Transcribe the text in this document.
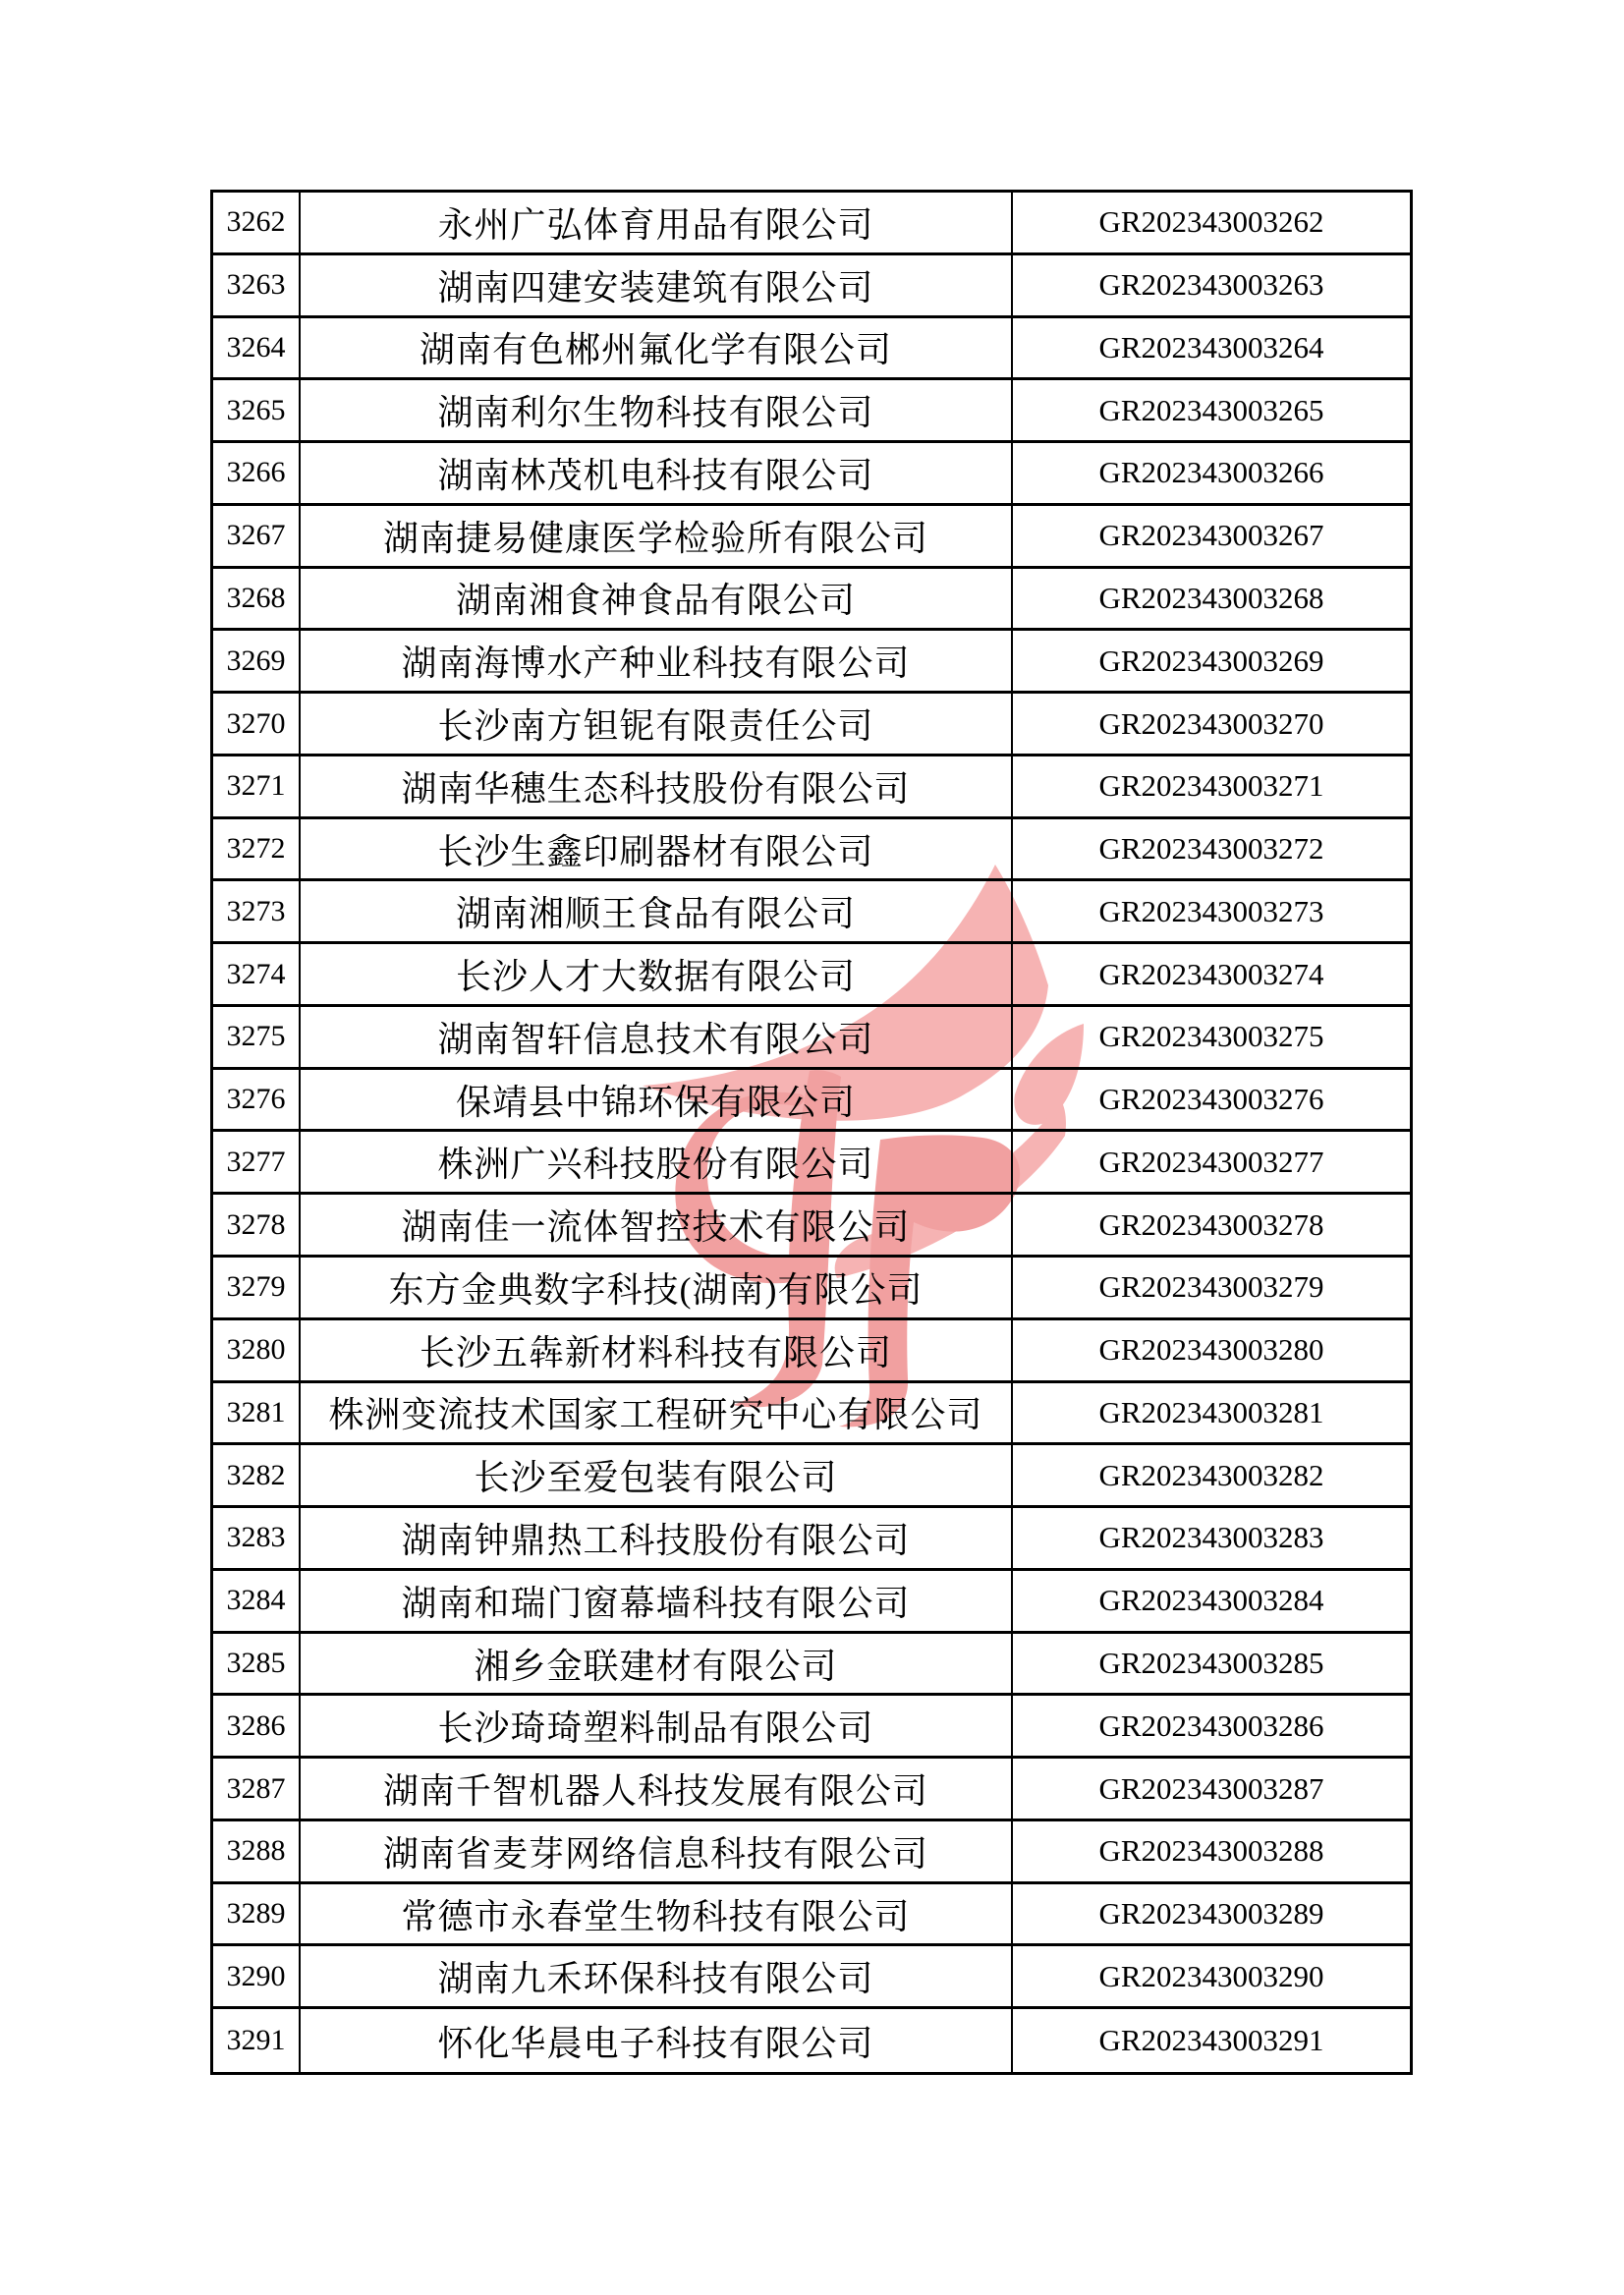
3262	永州广弘体育用品有限公司	GR202343003262
3263	湖南四建安装建筑有限公司	GR202343003263
3264	湖南有色郴州氟化学有限公司	GR202343003264
3265	湖南利尔生物科技有限公司	GR202343003265
3266	湖南林茂机电科技有限公司	GR202343003266
3267	湖南捷易健康医学检验所有限公司	GR202343003267
3268	湖南湘食神食品有限公司	GR202343003268
3269	湖南海博水产种业科技有限公司	GR202343003269
3270	长沙南方钽铌有限责任公司	GR202343003270
3271	湖南华穗生态科技股份有限公司	GR202343003271
3272	长沙生鑫印刷器材有限公司	GR202343003272
3273	湖南湘顺王食品有限公司	GR202343003273
3274	长沙人才大数据有限公司	GR202343003274
3275	湖南智轩信息技术有限公司	GR202343003275
3276	保靖县中锦环保有限公司	GR202343003276
3277	株洲广兴科技股份有限公司	GR202343003277
3278	湖南佳一流体智控技术有限公司	GR202343003278
3279	东方金典数字科技(湖南)有限公司	GR202343003279
3280	长沙五犇新材料科技有限公司	GR202343003280
3281	株洲变流技术国家工程研究中心有限公司	GR202343003281
3282	长沙至爱包装有限公司	GR202343003282
3283	湖南钟鼎热工科技股份有限公司	GR202343003283
3284	湖南和瑞门窗幕墙科技有限公司	GR202343003284
3285	湘乡金联建材有限公司	GR202343003285
3286	长沙琦琦塑料制品有限公司	GR202343003286
3287	湖南千智机器人科技发展有限公司	GR202343003287
3288	湖南省麦芽网络信息科技有限公司	GR202343003288
3289	常德市永春堂生物科技有限公司	GR202343003289
3290	湖南九禾环保科技有限公司	GR202343003290
3291	怀化华晨电子科技有限公司	GR202343003291
